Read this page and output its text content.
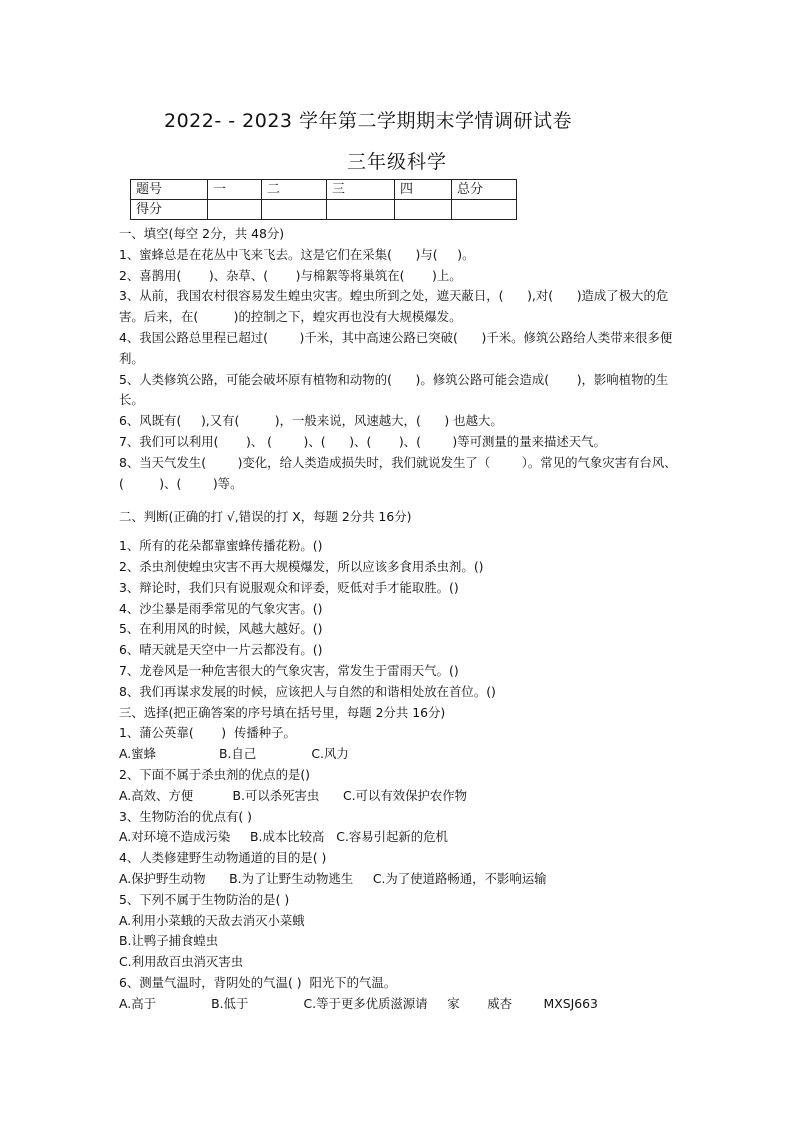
2022- - 2023 学年第二学期期末学情调研试卷
三年级科学
题号	一	二	三	四	总分
得分					

一、填空(每空 2分，共 48分)

1、蜜蜂总是在花丛中飞来飞去。这是它们在采集(      )与(     )。

2、喜鹊用(       )、杂草、(       )与棉絮等将巢筑在(       )上。

3、从前，我国农村很容易发生蝗虫灾害。蝗虫所到之处，遮天蔽日，(      ),对(      )造成了极大的危害。后来，在(         )的控制之下，蝗灾再也没有大规模爆发。

4、我国公路总里程已超过(        )千米，其中高速公路已突破(      )千米。修筑公路给人类带来很多便利。

5、人类修筑公路，可能会破坏原有植物和动物的(      )。修筑公路可能会造成(       )，影响植物的生长。

6、风既有(     ),又有(         )，一般来说，风速越大，(      ) 也越大。

7、我们可以利用(       )、 (        )、(      )、(       )、(        )等可测量的量来描述天气。

8、当天气发生(        )变化，给人类造成损失时，我们就说发生了（        ）。常见的气象灾害有台风、(         )、(        )等。

二、判断(正确的打 √,错误的打 X，每题 2分共 16分)

1、所有的花朵都靠蜜蜂传播花粉。()

2、杀虫剂使蝗虫灾害不再大规模爆发，所以应该多食用杀虫剂。()

3、辩论时，我们只有说服观众和评委，贬低对手才能取胜。()

4、沙尘暴是雨季常见的气象灾害。()

5、在利用风的时候，风越大越好。()

6、晴天就是天空中一片云都没有。()

7、龙卷风是一种危害很大的气象灾害，常发生于雷雨天气。()

8、我们再谋求发展的时候，应该把人与自然的和谐相处放在首位。()

三、选择(把正确答案的序号填在括号里，每题 2分共 16分)

1、蒲公英靠(       )  传播种子。

A.蜜蜂                B.自己              C.风力

2、下面不属于杀虫剂的优点的是()

A.高效、方便          B.可以杀死害虫      C.可以有效保护农作物

3、生物防治的优点有( )

A.对环境不造成污染     B.成本比较高   C.容易引起新的危机

4、人类修建野生动物通道的目的是( )

A.保护野生动物      B.为了让野生动物逃生     C.为了使道路畅通，不影响运输

5、下列不属于生物防治的是( )

A.利用小菜蛾的天敌去消灭小菜蛾

B.让鸭子捕食蝗虫

C.利用敌百虫消灭害虫

6、测量气温时，背阴处的气温( )  阳光下的气温。

A.高于              B.低于              C.等于更多优质滋源请     家       威杏        MXSJ663
